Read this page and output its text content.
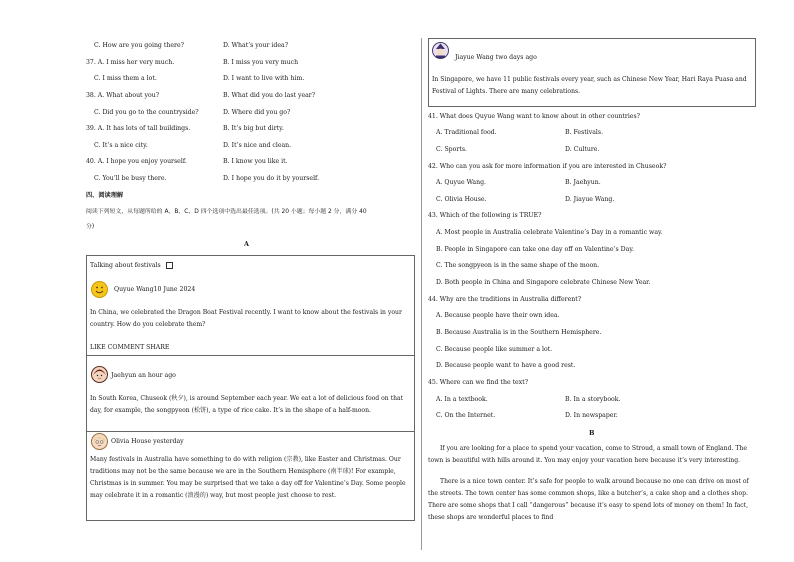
C. How are you going there?	D. What’s your idea?
37. A. I miss her very much.	B. I miss you very much
C. I miss them a lot.	D. I want to live with him.
38. A. What about you?	B. What did you do last year?
C. Did you go to the countryside?	D. Where did you go?
39. A. It has lots of tall buildings.	B. It’s big but dirty.
C. It’s a nice city.	D. It’s nice and clean.
40. A. I hope you enjoy yourself.	B. I know you like it.
C. You’ll be busy there.	D. I hope you do it by yourself.
四、阅读理解
阅读下列短文，从每题所给的 A、B、C、D 四个选项中选出最佳选项。(共 20 小题；每小题 2 分，满分 40
分)
A
Talking about festivals
Quyue Wang10 June 2024
In China, we celebrated the Dragon Boat Festival recently. I want to know about the festivals in your country. How do you celebrate them?
LIKE COMMENT SHARE
Jaehyun an hour ago
In South Korea, Chuseok (秋夕), is around September each year. We eat a lot of delicious food on that day, for example, the songpyeon (松饼), a type of rice cake. It’s in the shape of a half-moon.
Olivia House yesterday
Many festivals in Australia have something to do with religion (宗教), like Easter and Christmas. Our traditions may not be the same because we are in the Southern Hemisphere (南半球)! For example, Christmas is in summer. You may be surprised that we take a day off for Valentine’s Day. Some people may celebrate it in a romantic (浪漫的) way, but most people just choose to rest.
Jiayue Wang two days ago
In Singapore, we have 11 public festivals every year, such as Chinese New Year, Hari Raya Puasa and Festival of Lights. There are many celebrations.
41. What does Quyue Wang want to know about in other countries?
A. Traditional food.	B. Festivals.
C. Sports.	D. Culture.
42. Who can you ask for more information if you are interested in Chuseok?
A. Quyue Wang.	B. Jaehyun.
C. Olivia House.	D. Jiayue Wang.
43. Which of the following is TRUE?
A. Most people in Australia celebrate Valentine’s Day in a romantic way.
B. People in Singapore can take one day off on Valentine’s Day.
C. The songpyeon is in the same shape of the moon.
D. Both people in China and Singapore celebrate Chinese New Year.
44. Why are the traditions in Australia different?
A. Because people have their own idea.
B. Because Australia is in the Southern Hemisphere.
C. Because people like summer a lot.
D. Because people want to have a good rest.
45. Where can we find the text?
A. In a textbook.	B. In a storybook.
C. On the Internet.	D. In newspaper.
B
If you are looking for a place to spend your vacation, come to Stroud, a small town of England. The town is beautiful with hills around it. You may enjoy your vacation here because it’s very interesting.
There is a nice town center. It’s safe for people to walk around because no one can drive on most of the streets. The town center has some common shops, like a butcher’s, a cake shop and a clothes shop. There are some shops that I call “dangerous” because it’s easy to spend lots of money on them! In fact, these shops are wonderful places to find
